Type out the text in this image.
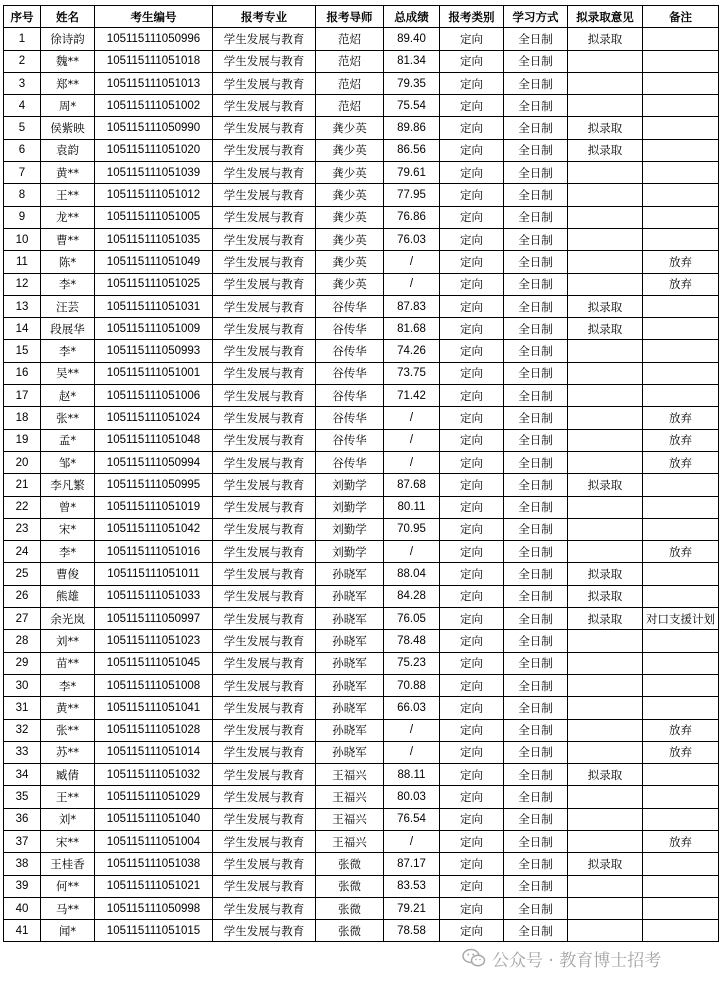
序号	姓名	考生编号	报考专业	报考导师	总成绩	报考类别	学习方式	拟录取意见	备注
1	徐诗韵	105115111050996	学生发展与教育	范炤	89.40	定向	全日制	拟录取	
2	魏**	105115111051018	学生发展与教育	范炤	81.34	定向	全日制		
3	郑**	105115111051013	学生发展与教育	范炤	79.35	定向	全日制		
4	周*	105115111051002	学生发展与教育	范炤	75.54	定向	全日制		
5	侯紫映	105115111050990	学生发展与教育	龚少英	89.86	定向	全日制	拟录取	
6	袁韵	105115111051020	学生发展与教育	龚少英	86.56	定向	全日制	拟录取	
7	黄**	105115111051039	学生发展与教育	龚少英	79.61	定向	全日制		
8	王**	105115111051012	学生发展与教育	龚少英	77.95	定向	全日制		
9	龙**	105115111051005	学生发展与教育	龚少英	76.86	定向	全日制		
10	曹**	105115111051035	学生发展与教育	龚少英	76.03	定向	全日制		
11	陈*	105115111051049	学生发展与教育	龚少英	/	定向	全日制		放弃
12	李*	105115111051025	学生发展与教育	龚少英	/	定向	全日制		放弃
13	汪芸	105115111051031	学生发展与教育	谷传华	87.83	定向	全日制	拟录取	
14	段展华	105115111051009	学生发展与教育	谷传华	81.68	定向	全日制	拟录取	
15	李*	105115111050993	学生发展与教育	谷传华	74.26	定向	全日制		
16	吴**	105115111051001	学生发展与教育	谷传华	73.75	定向	全日制		
17	赵*	105115111051006	学生发展与教育	谷传华	71.42	定向	全日制		
18	张**	105115111051024	学生发展与教育	谷传华	/	定向	全日制		放弃
19	孟*	105115111051048	学生发展与教育	谷传华	/	定向	全日制		放弃
20	邹*	105115111050994	学生发展与教育	谷传华	/	定向	全日制		放弃
21	李凡繁	105115111050995	学生发展与教育	刘勤学	87.68	定向	全日制	拟录取	
22	曾*	105115111051019	学生发展与教育	刘勤学	80.11	定向	全日制		
23	宋*	105115111051042	学生发展与教育	刘勤学	70.95	定向	全日制		
24	李*	105115111051016	学生发展与教育	刘勤学	/	定向	全日制		放弃
25	曹俊	105115111051011	学生发展与教育	孙晓军	88.04	定向	全日制	拟录取	
26	熊雄	105115111051033	学生发展与教育	孙晓军	84.28	定向	全日制	拟录取	
27	余光岚	105115111050997	学生发展与教育	孙晓军	76.05	定向	全日制	拟录取	对口支援计划
28	刘**	105115111051023	学生发展与教育	孙晓军	78.48	定向	全日制		
29	苗**	105115111051045	学生发展与教育	孙晓军	75.23	定向	全日制		
30	李*	105115111051008	学生发展与教育	孙晓军	70.88	定向	全日制		
31	黄**	105115111051041	学生发展与教育	孙晓军	66.03	定向	全日制		
32	张**	105115111051028	学生发展与教育	孙晓军	/	定向	全日制		放弃
33	苏**	105115111051014	学生发展与教育	孙晓军	/	定向	全日制		放弃
34	臧倩	105115111051032	学生发展与教育	王福兴	88.11	定向	全日制	拟录取	
35	王**	105115111051029	学生发展与教育	王福兴	80.03	定向	全日制		
36	刘*	105115111051040	学生发展与教育	王福兴	76.54	定向	全日制		
37	宋**	105115111051004	学生发展与教育	王福兴	/	定向	全日制		放弃
38	王桂香	105115111051038	学生发展与教育	张微	87.17	定向	全日制	拟录取	
39	何**	105115111051021	学生发展与教育	张微	83.53	定向	全日制		
40	马**	105115111050998	学生发展与教育	张微	79.21	定向	全日制		
41	闻*	105115111051015	学生发展与教育	张微	78.58	定向	全日制		
公众号 · 教育博士招考
